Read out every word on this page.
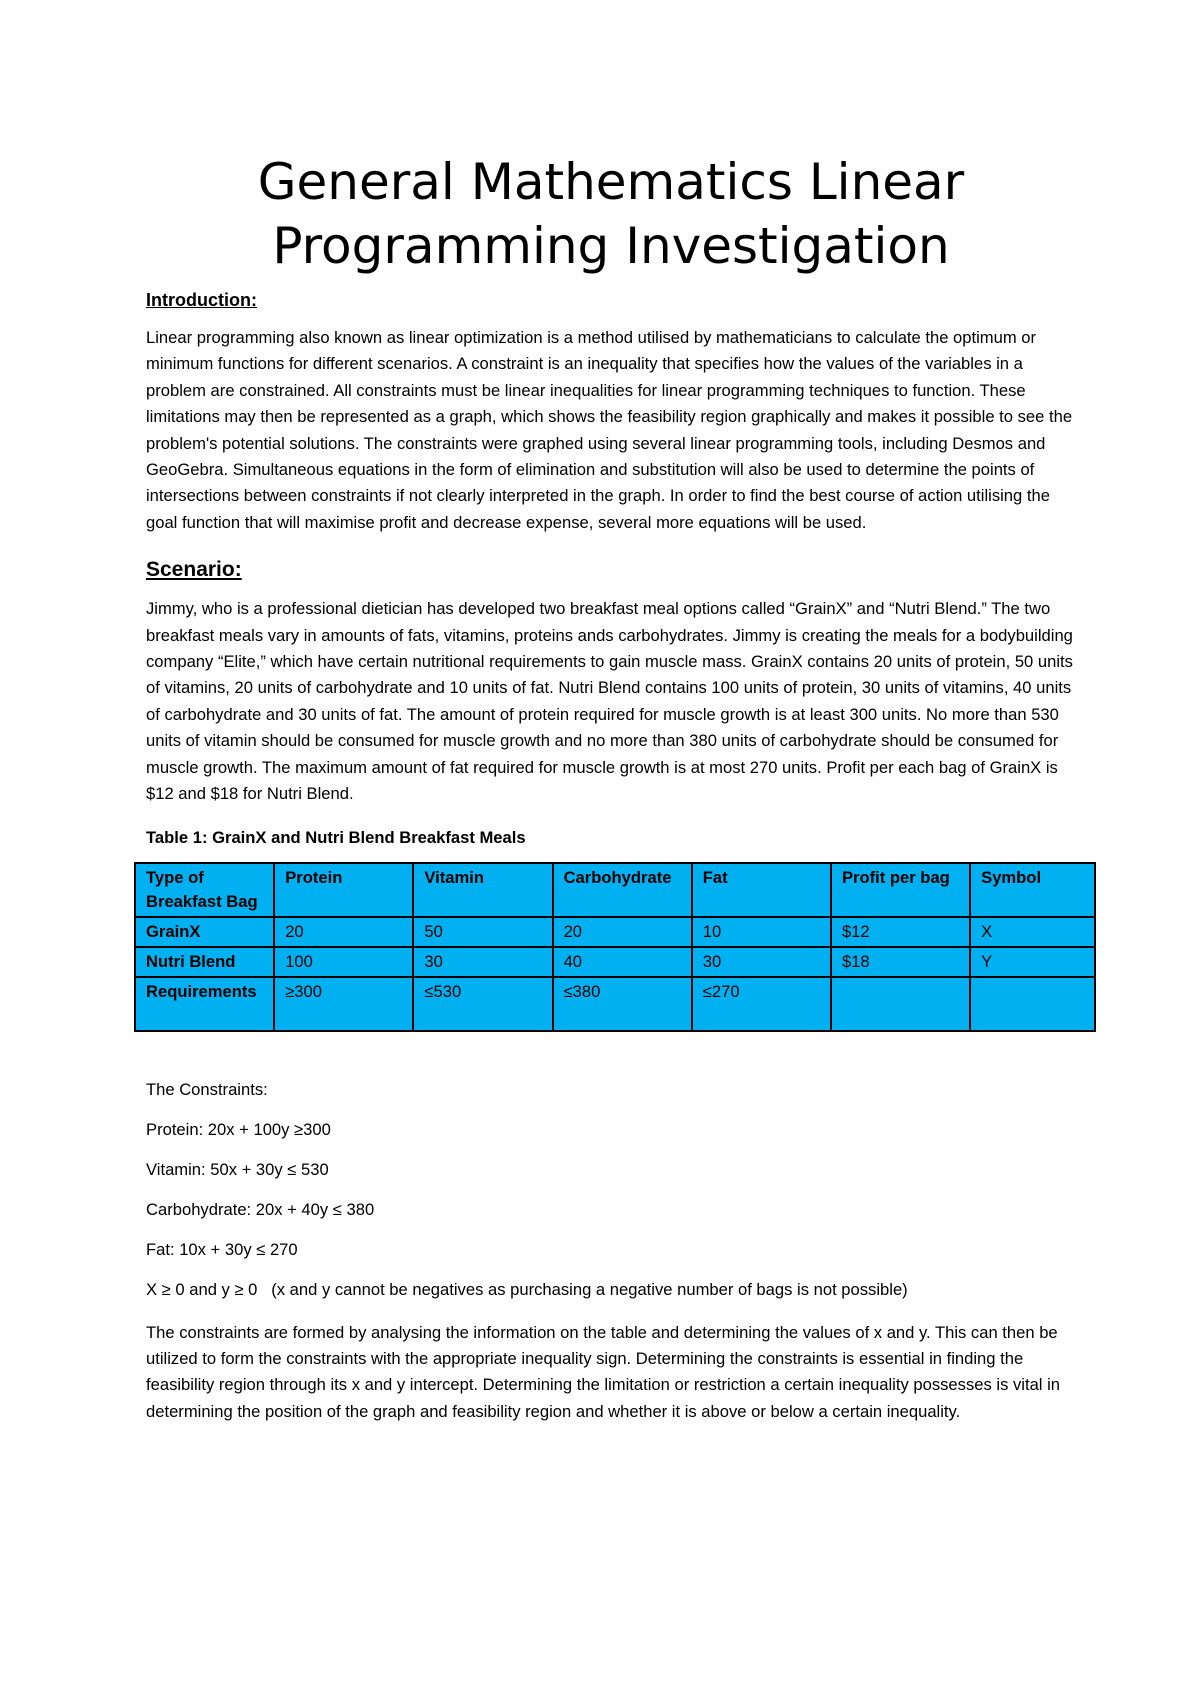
General Mathematics Linear
Programming Investigation
Introduction:

Linear programming also known as linear optimization is a method utilised by mathematicians to calculate the optimum or minimum functions for different scenarios. A constraint is an inequality that specifies how the values of the variables in a problem are constrained. All constraints must be linear inequalities for linear programming techniques to function. These limitations may then be represented as a graph, which shows the feasibility region graphically and makes it possible to see the problem's potential solutions. The constraints were graphed using several linear programming tools, including Desmos and GeoGebra. Simultaneous equations in the form of elimination and substitution will also be used to determine the points of intersections between constraints if not clearly interpreted in the graph. In order to find the best course of action utilising the goal function that will maximise profit and decrease expense, several more equations will be used.

Scenario:

Jimmy, who is a professional dietician has developed two breakfast meal options called “GrainX” and “Nutri Blend.” The two breakfast meals vary in amounts of fats, vitamins, proteins ands carbohydrates. Jimmy is creating the meals for a bodybuilding company “Elite,” which have certain nutritional requirements to gain muscle mass. GrainX contains 20 units of protein, 50 units of vitamins, 20 units of carbohydrate and 10 units of fat. Nutri Blend contains 100 units of protein, 30 units of vitamins, 40 units of carbohydrate and 30 units of fat. The amount of protein required for muscle growth is at least 300 units. No more than 530 units of vitamin should be consumed for muscle growth and no more than 380 units of carbohydrate should be consumed for muscle growth. The maximum amount of fat required for muscle growth is at most 270 units. Profit per each bag of GrainX is $12 and $18 for Nutri Blend.

Table 1: GrainX and Nutri Blend Breakfast Meals
Type of Breakfast Bag	Protein	Vitamin	Carbohydrate	Fat	Profit per bag	Symbol
GrainX	20	50	20	10	$12	X
Nutri Blend	100	30	40	30	$18	Y
Requirements	≥300	≤530	≤380	≤270		
The Constraints:
Protein: 20x + 100y ≥300
Vitamin: 50x + 30y ≤ 530
Carbohydrate: 20x + 40y ≤ 380
Fat: 10x + 30y ≤ 270
X ≥ 0 and y ≥ 0   (x and y cannot be negatives as purchasing a negative number of bags is not possible)

The constraints are formed by analysing the information on the table and determining the values of x and y. This can then be utilized to form the constraints with the appropriate inequality sign. Determining the constraints is essential in finding the feasibility region through its x and y intercept. Determining the limitation or restriction a certain inequality possesses is vital in determining the position of the graph and feasibility region and whether it is above or below a certain inequality.
